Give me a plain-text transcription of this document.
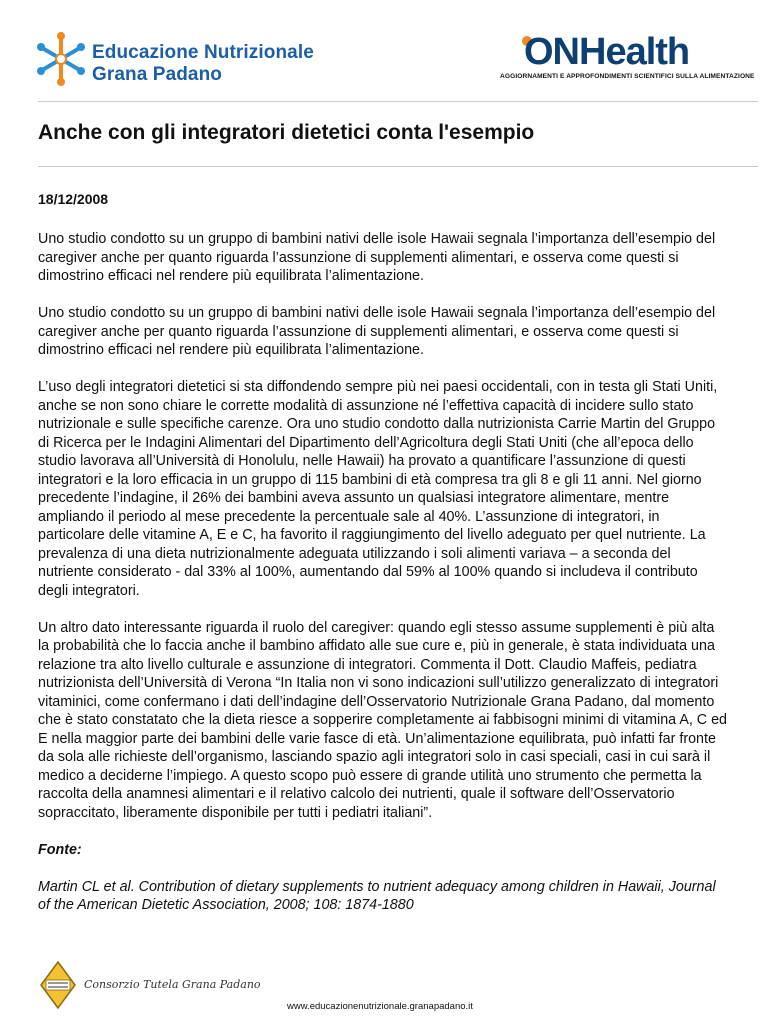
Educazione Nutrizionale
Grana Padano
ONHealth
AGGIORNAMENTI E APPROFONDIMENTI SCIENTIFICI SULLA ALIMENTAZIONE
Anche con gli integratori dietetici conta l'esempio
18/12/2008

Uno studio condotto su un gruppo di bambini nativi delle isole Hawaii segnala l’importanza dell’esempio del caregiver anche per quanto riguarda l’assunzione di supplementi alimentari, e osserva come questi si dimostrino efficaci nel rendere più equilibrata l’alimentazione.

Uno studio condotto su un gruppo di bambini nativi delle isole Hawaii segnala l’importanza dell’esempio del caregiver anche per quanto riguarda l’assunzione di supplementi alimentari, e osserva come questi si dimostrino efficaci nel rendere più equilibrata l’alimentazione.

L’uso degli integratori dietetici si sta diffondendo sempre più nei paesi occidentali, con in testa gli Stati Uniti, anche se non sono chiare le corrette modalità di assunzione né l’effettiva capacità di incidere sullo stato nutrizionale e sulle specifiche carenze. Ora uno studio condotto dalla nutrizionista Carrie Martin del Gruppo di Ricerca per le Indagini Alimentari del Dipartimento dell’Agricoltura degli Stati Uniti (che all’epoca dello studio lavorava all’Università di Honolulu, nelle Hawaii) ha provato a quantificare l’assunzione di questi integratori e la loro efficacia in un gruppo di 115 bambini di età compresa tra gli 8 e gli 11 anni. Nel giorno precedente l’indagine, il 26% dei bambini aveva assunto un qualsiasi integratore alimentare, mentre ampliando il periodo al mese precedente la percentuale sale al 40%. L’assunzione di integratori, in particolare delle vitamine A, E e C, ha favorito il raggiungimento del livello adeguato per quel nutriente. La prevalenza di una dieta nutrizionalmente adeguata utilizzando i soli alimenti variava – a seconda del nutriente considerato - dal 33% al 100%, aumentando dal 59% al 100% quando si includeva il contributo degli integratori.

Un altro dato interessante riguarda il ruolo del caregiver: quando egli stesso assume supplementi è più alta la probabilità che lo faccia anche il bambino affidato alle sue cure e, più in generale, è stata individuata una relazione tra alto livello culturale e assunzione di integratori. Commenta il Dott. Claudio Maffeis, pediatra nutrizionista dell’Università di Verona “In Italia non vi sono indicazioni sull’utilizzo generalizzato di integratori vitaminici, come confermano i dati dell’indagine dell’Osservatorio Nutrizionale Grana Padano, dal momento che è stato constatato che la dieta riesce a sopperire completamente ai fabbisogni minimi di vitamina A, C ed E nella maggior parte dei bambini delle varie fasce di età. Un’alimentazione equilibrata, può infatti far fronte da sola alle richieste dell’organismo, lasciando spazio agli integratori solo in casi speciali, casi in cui sarà il medico a deciderne l’impiego. A questo scopo può essere di grande utilità uno strumento che permetta la raccolta della anamnesi alimentari e il relativo calcolo dei nutrienti, quale il software dell’Osservatorio sopraccitato, liberamente disponibile per tutti i pediatri italiani”.

Fonte:

Martin CL et al. Contribution of dietary supplements to nutrient adequacy among children in Hawaii, Journal of the American Dietetic Association, 2008; 108: 1874-1880

Consorzio Tutela Grana Padano
www.educazionenutrizionale.granapadano.it
